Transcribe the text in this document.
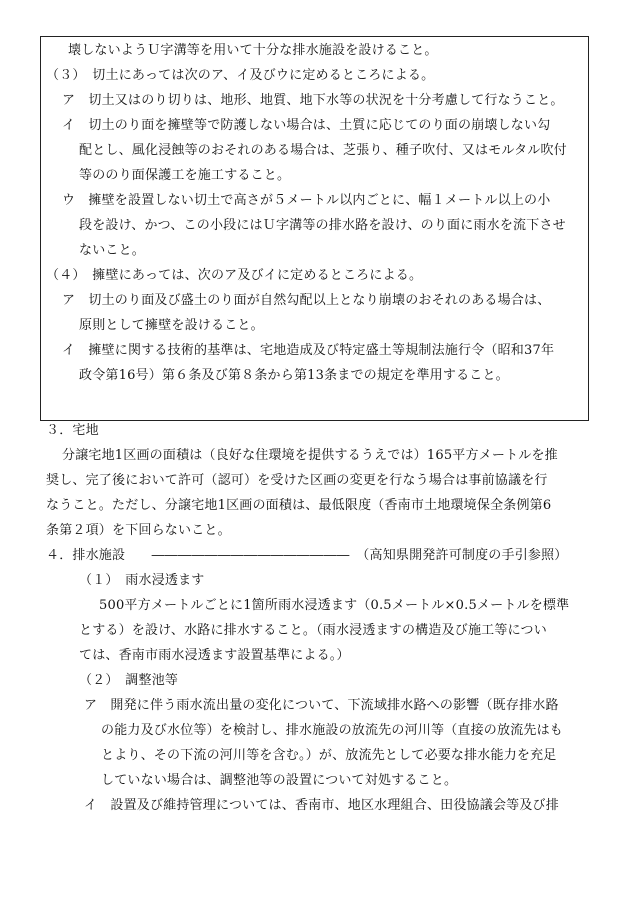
壊しないようＵ字溝等を用いて十分な排水施設を設けること。
（３）　切土にあっては次のア、イ及びウに定めるところによる。
ア　切土又はのり切りは、地形、地質、地下水等の状況を十分考慮して行なうこと。
イ　切土のり面を擁壁等で防護しない場合は、土質に応じてのり面の崩壊しない勾
配とし、風化浸蝕等のおそれのある場合は、芝張り、種子吹付、又はモルタル吹付
等ののり面保護工を施工すること。
ウ　擁壁を設置しない切土で高さが５メートル以内ごとに、幅１メートル以上の小
段を設け、かつ、この小段にはＵ字溝等の排水路を設け、のり面に雨水を流下させ
ないこと。
（４）　擁壁にあっては、次のア及びイに定めるところによる。
ア　切土のり面及び盛土のり面が自然勾配以上となり崩壊のおそれのある場合は、
原則として擁壁を設けること。
イ　擁壁に関する技術的基準は、宅地造成及び特定盛土等規制法施行令（昭和37年
政令第16号）第６条及び第８条から第13条までの規定を準用すること。
３．宅地
分譲宅地1区画の面積は（良好な住環境を提供するうえでは）165平方メートルを推
奨し、完了後において許可（認可）を受けた区画の変更を行なう場合は事前協議を行
なうこと。ただし、分譲宅地1区画の面積は、最低限度（香南市土地環境保全条例第6
条第２項）を下回らないこと。
４．排水施設　　―――――――――――――――　（高知県開発許可制度の手引参照）
（１）　雨水浸透ます
500平方メートルごとに1箇所雨水浸透ます（0.5メートル×0.5メートルを標準
とする）を設け、水路に排水すること。（雨水浸透ますの構造及び施工等につい
ては、香南市雨水浸透ます設置基準による。）
（２）　調整池等
ア　開発に伴う雨水流出量の変化について、下流域排水路への影響（既存排水路
の能力及び水位等）を検討し、排水施設の放流先の河川等（直接の放流先はも
とより、その下流の河川等を含む。）が、放流先として必要な排水能力を充足
していない場合は、調整池等の設置について対処すること。
イ　設置及び維持管理については、香南市、地区水理組合、田役協議会等及び排
